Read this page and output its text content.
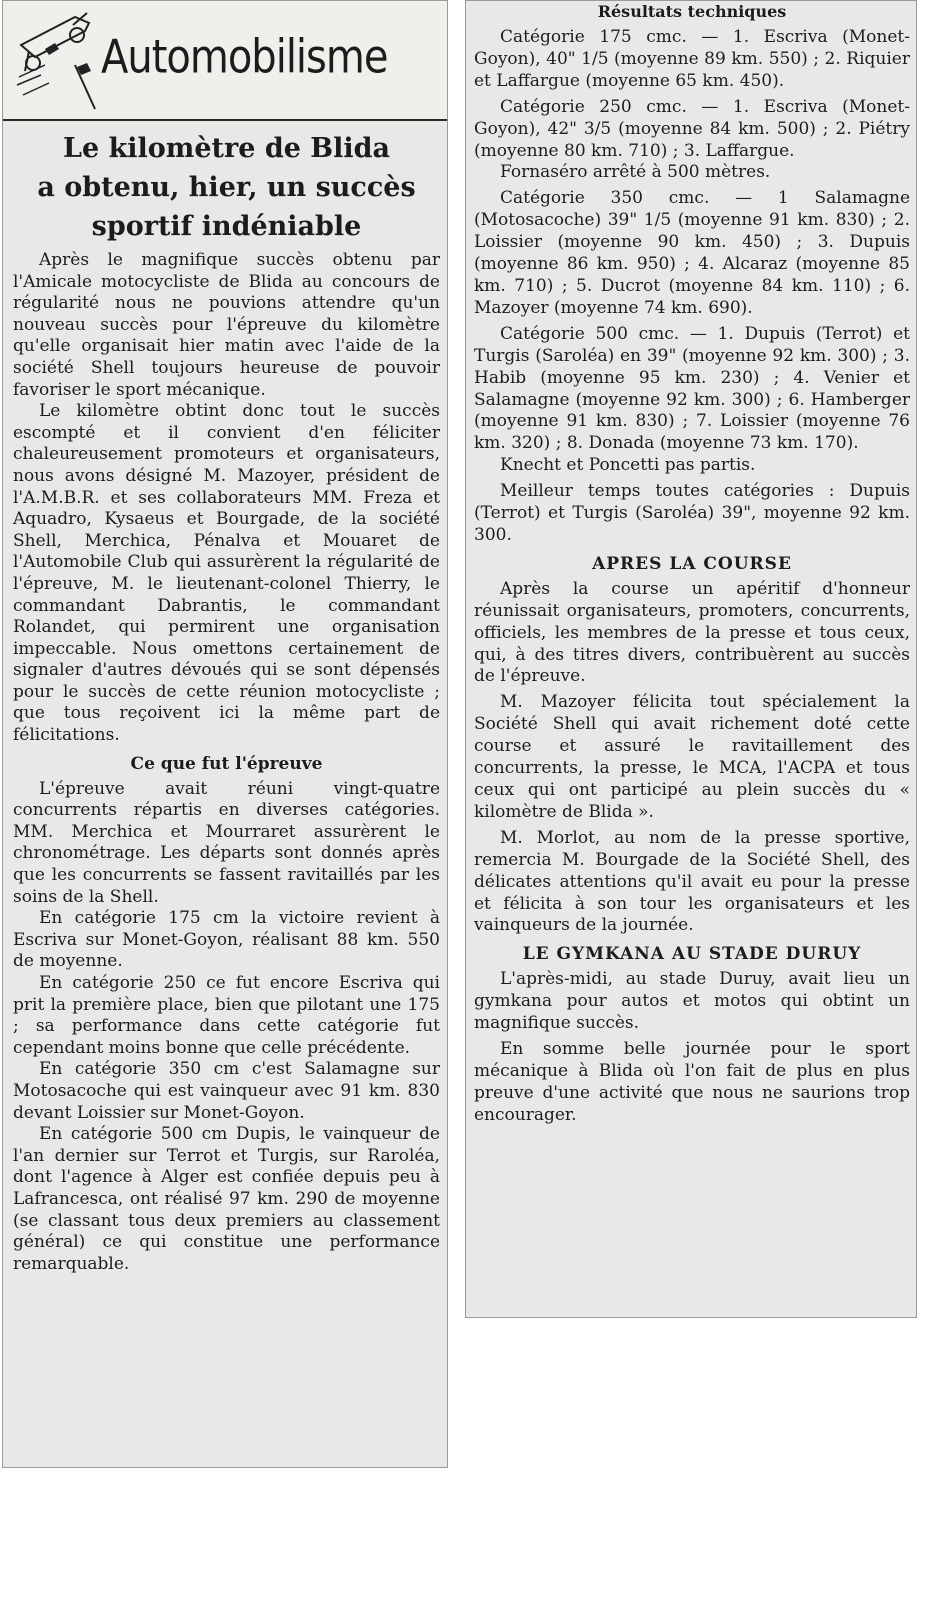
Automobilisme
Le kilomètre de Blida
a obtenu, hier, un succès
sportif indéniable

Après le magnifique succès obtenu par l'Amicale motocycliste de Blida au concours de régularité nous ne pouvions attendre qu'un nouveau succès pour l'épreuve du kilomètre qu'elle organisait hier matin avec l'aide de la société Shell toujours heureuse de pouvoir favoriser le sport mécanique.

Le kilomètre obtint donc tout le succès escompté et il convient d'en féliciter chaleureusement promoteurs et organisateurs, nous avons désigné M. Mazoyer, président de l'A.M.B.R. et ses collaborateurs MM. Freza et Aquadro, Kysaeus et Bourgade, de la société Shell, Merchica, Pénalva et Mouaret de l'Automobile Club qui assurèrent la régularité de l'épreuve, M. le lieutenant-colonel Thierry, le commandant Dabrantis, le commandant Rolandet, qui permirent une organisation impeccable. Nous omettons certainement de signaler d'autres dévoués qui se sont dépensés pour le succès de cette réunion motocycliste ; que tous reçoivent ici la même part de félicitations.

Ce que fut l'épreuve

L'épreuve avait réuni vingt-quatre concurrents répartis en diverses catégories. MM. Merchica et Mourraret assurèrent le chronométrage. Les départs sont donnés après que les concurrents se fassent ravitaillés par les soins de la Shell.

En catégorie 175 cm la victoire revient à Escriva sur Monet-Goyon, réalisant 88 km. 550 de moyenne.

En catégorie 250 ce fut encore Escriva qui prit la première place, bien que pilotant une 175 ; sa performance dans cette catégorie fut cependant moins bonne que celle précédente.

En catégorie 350 cm c'est Salamagne sur Motosacoche qui est vainqueur avec 91 km. 830 devant Loissier sur Monet-Goyon.

En catégorie 500 cm Dupis, le vainqueur de l'an dernier sur Terrot et Turgis, sur Raroléa, dont l'agence à Alger est confiée depuis peu à Lafrancesca, ont réalisé 97 km. 290 de moyenne (se classant tous deux premiers au classement général) ce qui constitue une performance remarquable.

Résultats techniques

Catégorie 175 cmc. — 1. Escriva (Monet-Goyon), 40" 1/5 (moyenne 89 km. 550) ; 2. Riquier et Laffargue (moyenne 65 km. 450).

Catégorie 250 cmc. — 1. Escriva (Monet-Goyon), 42" 3/5 (moyenne 84 km. 500) ; 2. Piétry (moyenne 80 km. 710) ; 3. Laffargue.

Fornaséro arrêté à 500 mètres.

Catégorie 350 cmc. — 1 Salamagne (Motosacoche) 39" 1/5 (moyenne 91 km. 830) ; 2. Loissier (moyenne 90 km. 450) ; 3. Dupuis (moyenne 86 km. 950) ; 4. Alcaraz (moyenne 85 km. 710) ; 5. Ducrot (moyenne 84 km. 110) ; 6. Mazoyer (moyenne 74 km. 690).

Catégorie 500 cmc. — 1. Dupuis (Terrot) et Turgis (Saroléa) en 39" (moyenne 92 km. 300) ; 3. Habib (moyenne 95 km. 230) ; 4. Venier et Salamagne (moyenne 92 km. 300) ; 6. Hamberger (moyenne 91 km. 830) ; 7. Loissier (moyenne 76 km. 320) ; 8. Donada (moyenne 73 km. 170).

Knecht et Poncetti pas partis.

Meilleur temps toutes catégories : Dupuis (Terrot) et Turgis (Saroléa) 39", moyenne 92 km. 300.

APRES LA COURSE

Après la course un apéritif d'honneur réunissait organisateurs, promoters, concurrents, officiels, les membres de la presse et tous ceux, qui, à des titres divers, contribuèrent au succès de l'épreuve.

M. Mazoyer félicita tout spécialement la Société Shell qui avait richement doté cette course et assuré le ravitaillement des concurrents, la presse, le MCA, l'ACPA et tous ceux qui ont participé au plein succès du « kilomètre de Blida ».

M. Morlot, au nom de la presse sportive, remercia M. Bourgade de la Société Shell, des délicates attentions qu'il avait eu pour la presse et félicita à son tour les organisateurs et les vainqueurs de la journée.

LE GYMKANA AU STADE DURUY

L'après-midi, au stade Duruy, avait lieu un gymkana pour autos et motos qui obtint un magnifique succès.

En somme belle journée pour le sport mécanique à Blida où l'on fait de plus en plus preuve d'une activité que nous ne saurions trop encourager.
